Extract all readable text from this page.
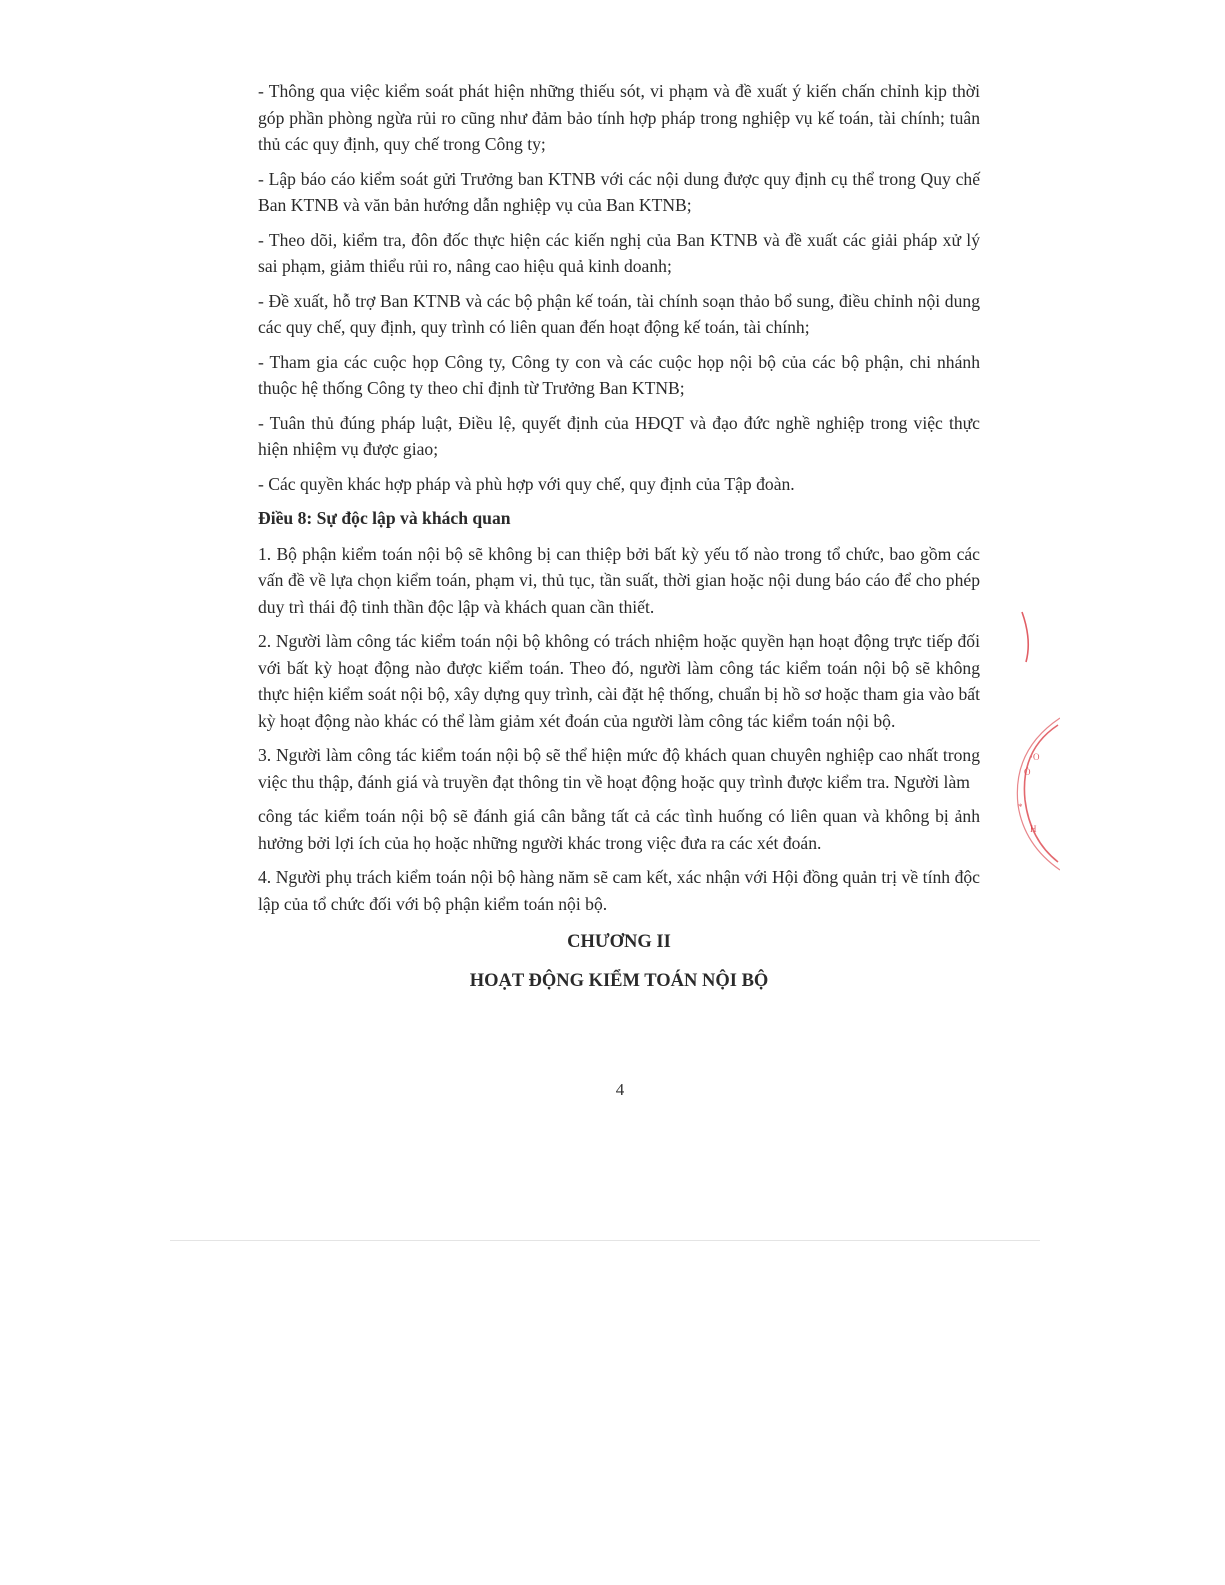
- Thông qua việc kiểm soát phát hiện những thiếu sót, vi phạm và đề xuất ý kiến chấn chỉnh kịp thời góp phần phòng ngừa rủi ro cũng như đảm bảo tính hợp pháp trong nghiệp vụ kế toán, tài chính; tuân thủ các quy định, quy chế trong Công ty;

- Lập báo cáo kiểm soát gửi Trưởng ban KTNB với các nội dung được quy định cụ thể trong Quy chế Ban KTNB và văn bản hướng dẫn nghiệp vụ của Ban KTNB;

- Theo dõi, kiểm tra, đôn đốc thực hiện các kiến nghị của Ban KTNB và đề xuất các giải pháp xử lý sai phạm, giảm thiểu rủi ro, nâng cao hiệu quả kinh doanh;

- Đề xuất, hỗ trợ Ban KTNB và các bộ phận kế toán, tài chính soạn thảo bổ sung, điều chỉnh nội dung các quy chế, quy định, quy trình có liên quan đến hoạt động kế toán, tài chính;

- Tham gia các cuộc họp Công ty, Công ty con và các cuộc họp nội bộ của các bộ phận, chi nhánh thuộc hệ thống Công ty theo chỉ định từ Trưởng Ban KTNB;

- Tuân thủ đúng pháp luật, Điều lệ, quyết định của HĐQT và đạo đức nghề nghiệp trong việc thực hiện nhiệm vụ được giao;

- Các quyền khác hợp pháp và phù hợp với quy chế, quy định của Tập đoàn.

Điều 8: Sự độc lập và khách quan

1. Bộ phận kiểm toán nội bộ sẽ không bị can thiệp bởi bất kỳ yếu tố nào trong tổ chức, bao gồm các vấn đề về lựa chọn kiểm toán, phạm vi, thủ tục, tần suất, thời gian hoặc nội dung báo cáo để cho phép duy trì thái độ tinh thần độc lập và khách quan cần thiết.

2. Người làm công tác kiểm toán nội bộ không có trách nhiệm hoặc quyền hạn hoạt động trực tiếp đối với bất kỳ hoạt động nào được kiểm toán. Theo đó, người làm công tác kiểm toán nội bộ sẽ không thực hiện kiểm soát nội bộ, xây dựng quy trình, cài đặt hệ thống, chuẩn bị hồ sơ hoặc tham gia vào bất kỳ hoạt động nào khác có thể làm giảm xét đoán của người làm công tác kiểm toán nội bộ.

3. Người làm công tác kiểm toán nội bộ sẽ thể hiện mức độ khách quan chuyên nghiệp cao nhất trong việc thu thập, đánh giá và truyền đạt thông tin về hoạt động hoặc quy trình được kiểm tra. Người làm

công tác kiểm toán nội bộ sẽ đánh giá cân bằng tất cả các tình huống có liên quan và không bị ảnh hưởng bởi lợi ích của họ hoặc những người khác trong việc đưa ra các xét đoán.

4. Người phụ trách kiểm toán nội bộ hàng năm sẽ cam kết, xác nhận với Hội đồng quản trị về tính độc lập của tổ chức đối với bộ phận kiểm toán nội bộ.

CHƯƠNG II

HOẠT ĐỘNG KIỂM TOÁN NỘI BỘ

4
·O
Ó
*
H
